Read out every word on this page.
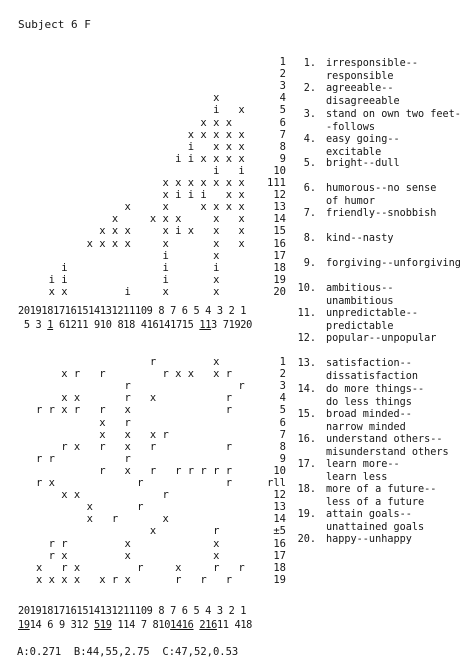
Subject 6 F
1
2
3
x	4
i x	5
x x x	6
x x x x x	7
i x x x	8
i i x x x x	9
i i	10
x x x x x x x	111
x i i i x x	12
x	x	x x x x	13
x	x x x	x x	14
x x x	x i x x x	15
x x x x	x	x x	16
i	x	17
i	i	i	18
i i	i	x	19
x x	i	x	x	20
20191817161514131211109 8 7 6 5 4 3 2 1
5 3 1 61211 910 818 416141715 113 71920
r	x	1
x r r	r x x x r	2
r	r	3
x x	r x	r	4
r r x r r x	r	5
x r	6
x x x r	7
r x r x r	r	8
r r	r	9
r x r r r r r r	10
r x	r	r	rll
x x	r	12
x	r	13
x r	x	14
x	r	±5
r r	x	x	16
r x	x	x	17
x r x	r	x	r r	18
x x x x x r x	r r r	19
20191817161514131211109 8 7 6 5 4 3 2 1
1914 6 9 312 519 114 7 8101416 21611 418
1. irresponsible--
responsible
2. agreeable--
disagreeable
3. stand on own two feet-
-follows
4. easy going--
excitable
5. bright--dull
6. humorous--no sense
of humor
7. friendly--snobbish
8. kind--nasty
9. forgiving--unforgiving
10. ambitious--
unambitious
11. unpredictable--
predictable
12. popular--unpopular
13. satisfaction--
dissatisfaction
14. do more things--
do less things
15. broad minded--
narrow minded
16. understand others--
misunderstand others
17. learn more--
learn less
18. more of a future--
less of a future
19. attain goals--
unattained goals
20. happy--unhappy
A:0.271  B:44,55,2.75  C:47,52,0.53
